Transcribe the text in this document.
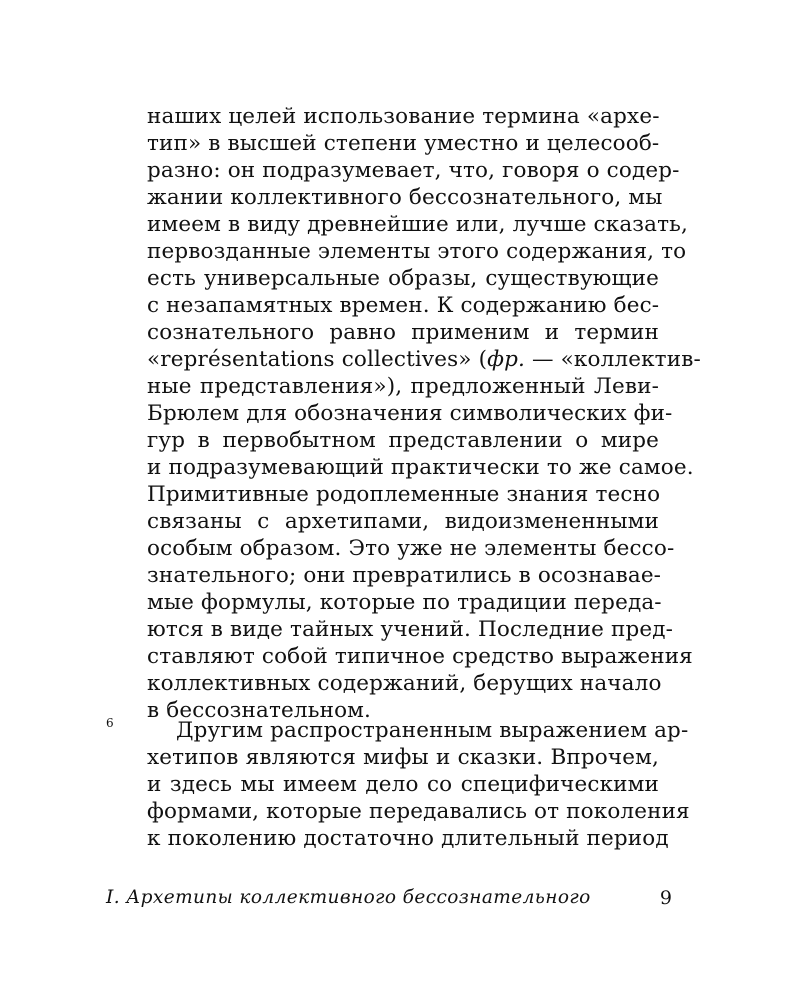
наших целей использование термина «архе-
тип» в высшей степени уместно и целесооб-
разно: он подразумевает, что, говоря о содер-
жании коллективного бессознательного, мы
имеем в виду древнейшие или, лучше сказать,
первозданные элементы этого содержания, то
есть универсальные образы, существующие
с незапамятных времен. К содержанию бес-
сознательного равно применим и термин
«représentations collectives» (фр. — «коллектив-
ные представления»), предложенный Леви-
Брюлем для обозначения символических фи-
гур в первобытном представлении о мире
и подразумевающий практически то же самое.
Примитивные родоплеменные знания тесно
связаны с архетипами, видоизмененными
особым образом. Это уже не элементы бессо-
знательного; они превратились в осознавае-
мые формулы, которые по традиции переда-
ются в виде тайных учений. Последние пред-
ставляют собой типичное средство выражения
коллективных содержаний, берущих начало
в бессознательном.
6	Другим распространенным выражением ар-
хетипов являются мифы и сказки. Впрочем,
и здесь мы имеем дело со специфическими
формами, которые передавались от поколения
к поколению достаточно длительный период
I. Архетипы коллективного бессознательного	9
